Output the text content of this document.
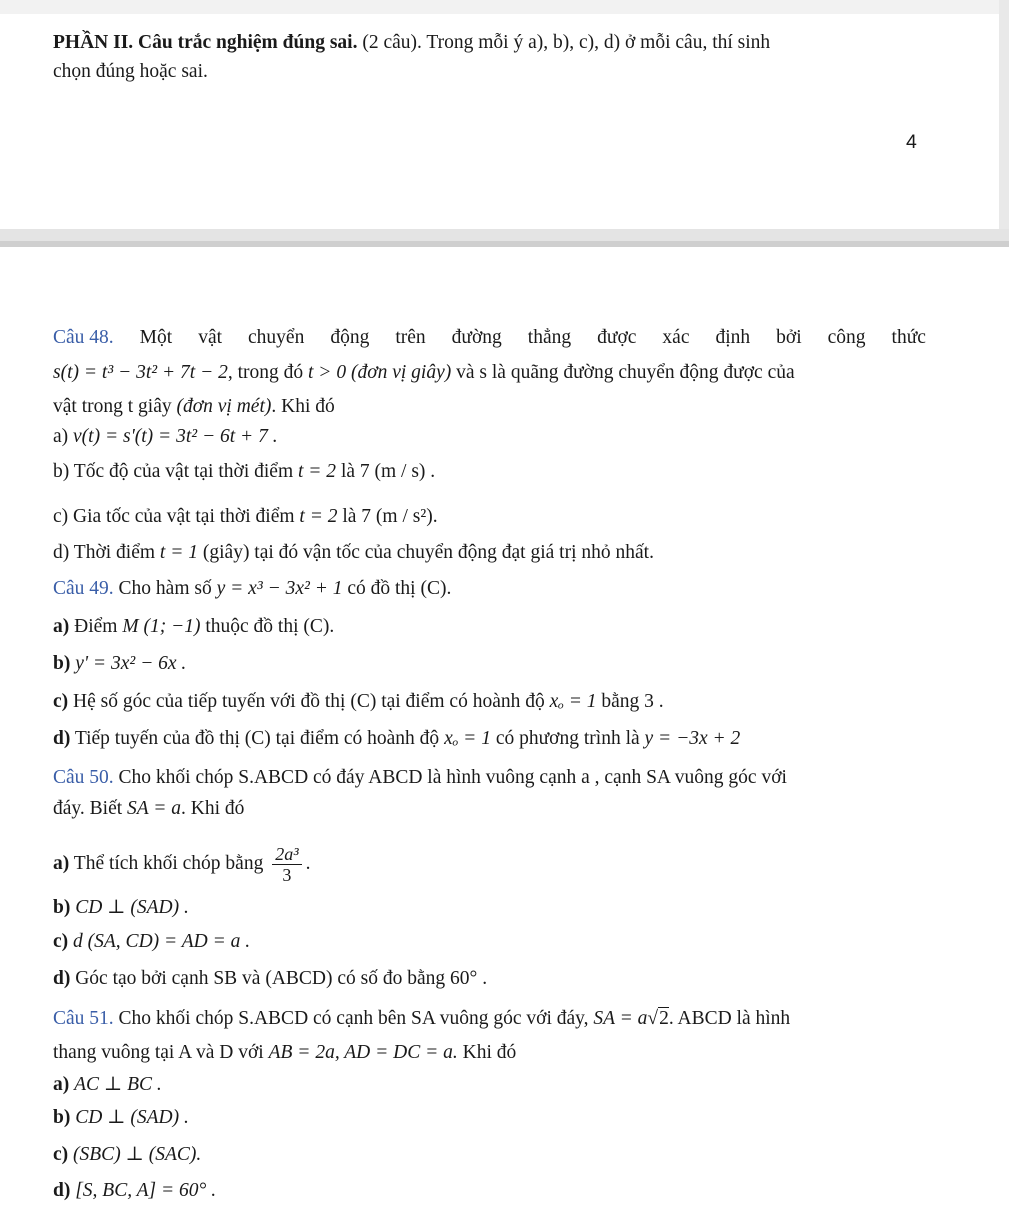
PHẦN II. Câu trắc nghiệm đúng sai. (2 câu). Trong mỗi ý a), b), c), d) ở mỗi câu, thí sinh
chọn đúng hoặc sai.
4
Câu 48. Một vật chuyển động trên đường thẳng được xác định bởi công thức
s(t) = t³ − 3t² + 7t − 2, trong đó t > 0 (đơn vị giây) và s là quãng đường chuyển động được của
vật trong t giây (đơn vị mét). Khi đó
a) v(t) = s'(t) = 3t² − 6t + 7 .
b) Tốc độ của vật tại thời điểm t = 2 là 7 (m / s) .
c) Gia tốc của vật tại thời điểm t = 2 là 7 (m / s²).
d) Thời điểm t = 1 (giây) tại đó vận tốc của chuyển động đạt giá trị nhỏ nhất.
Câu 49. Cho hàm số y = x³ − 3x² + 1 có đồ thị (C).
a) Điểm M (1; −1) thuộc đồ thị (C).
b) y' = 3x² − 6x .
c) Hệ số góc của tiếp tuyến với đồ thị (C) tại điểm có hoành độ xₒ = 1 bằng 3 .
d) Tiếp tuyến của đồ thị (C) tại điểm có hoành độ xₒ = 1 có phương trình là y = −3x + 2
Câu 50. Cho khối chóp S.ABCD có đáy ABCD là hình vuông cạnh a , cạnh SA vuông góc với
đáy. Biết SA = a. Khi đó
a) Thể tích khối chóp bằng $\frac{\text{2a³}}{3}$ .
b) CD ⊥ (SAD) .
c) d (SA, CD) = AD = a .
d) Góc tạo bởi cạnh SB và (ABCD) có số đo bằng 60° .
Câu 51. Cho khối chóp S.ABCD có cạnh bên SA vuông góc với đáy, SA = a√2. ABCD là hình
thang vuông tại A và D với AB = 2a, AD = DC = a. Khi đó
a) AC ⊥ BC .
b) CD ⊥ (SAD) .
c) (SBC) ⊥ (SAC).
d) [S, BC, A] = 60° .
